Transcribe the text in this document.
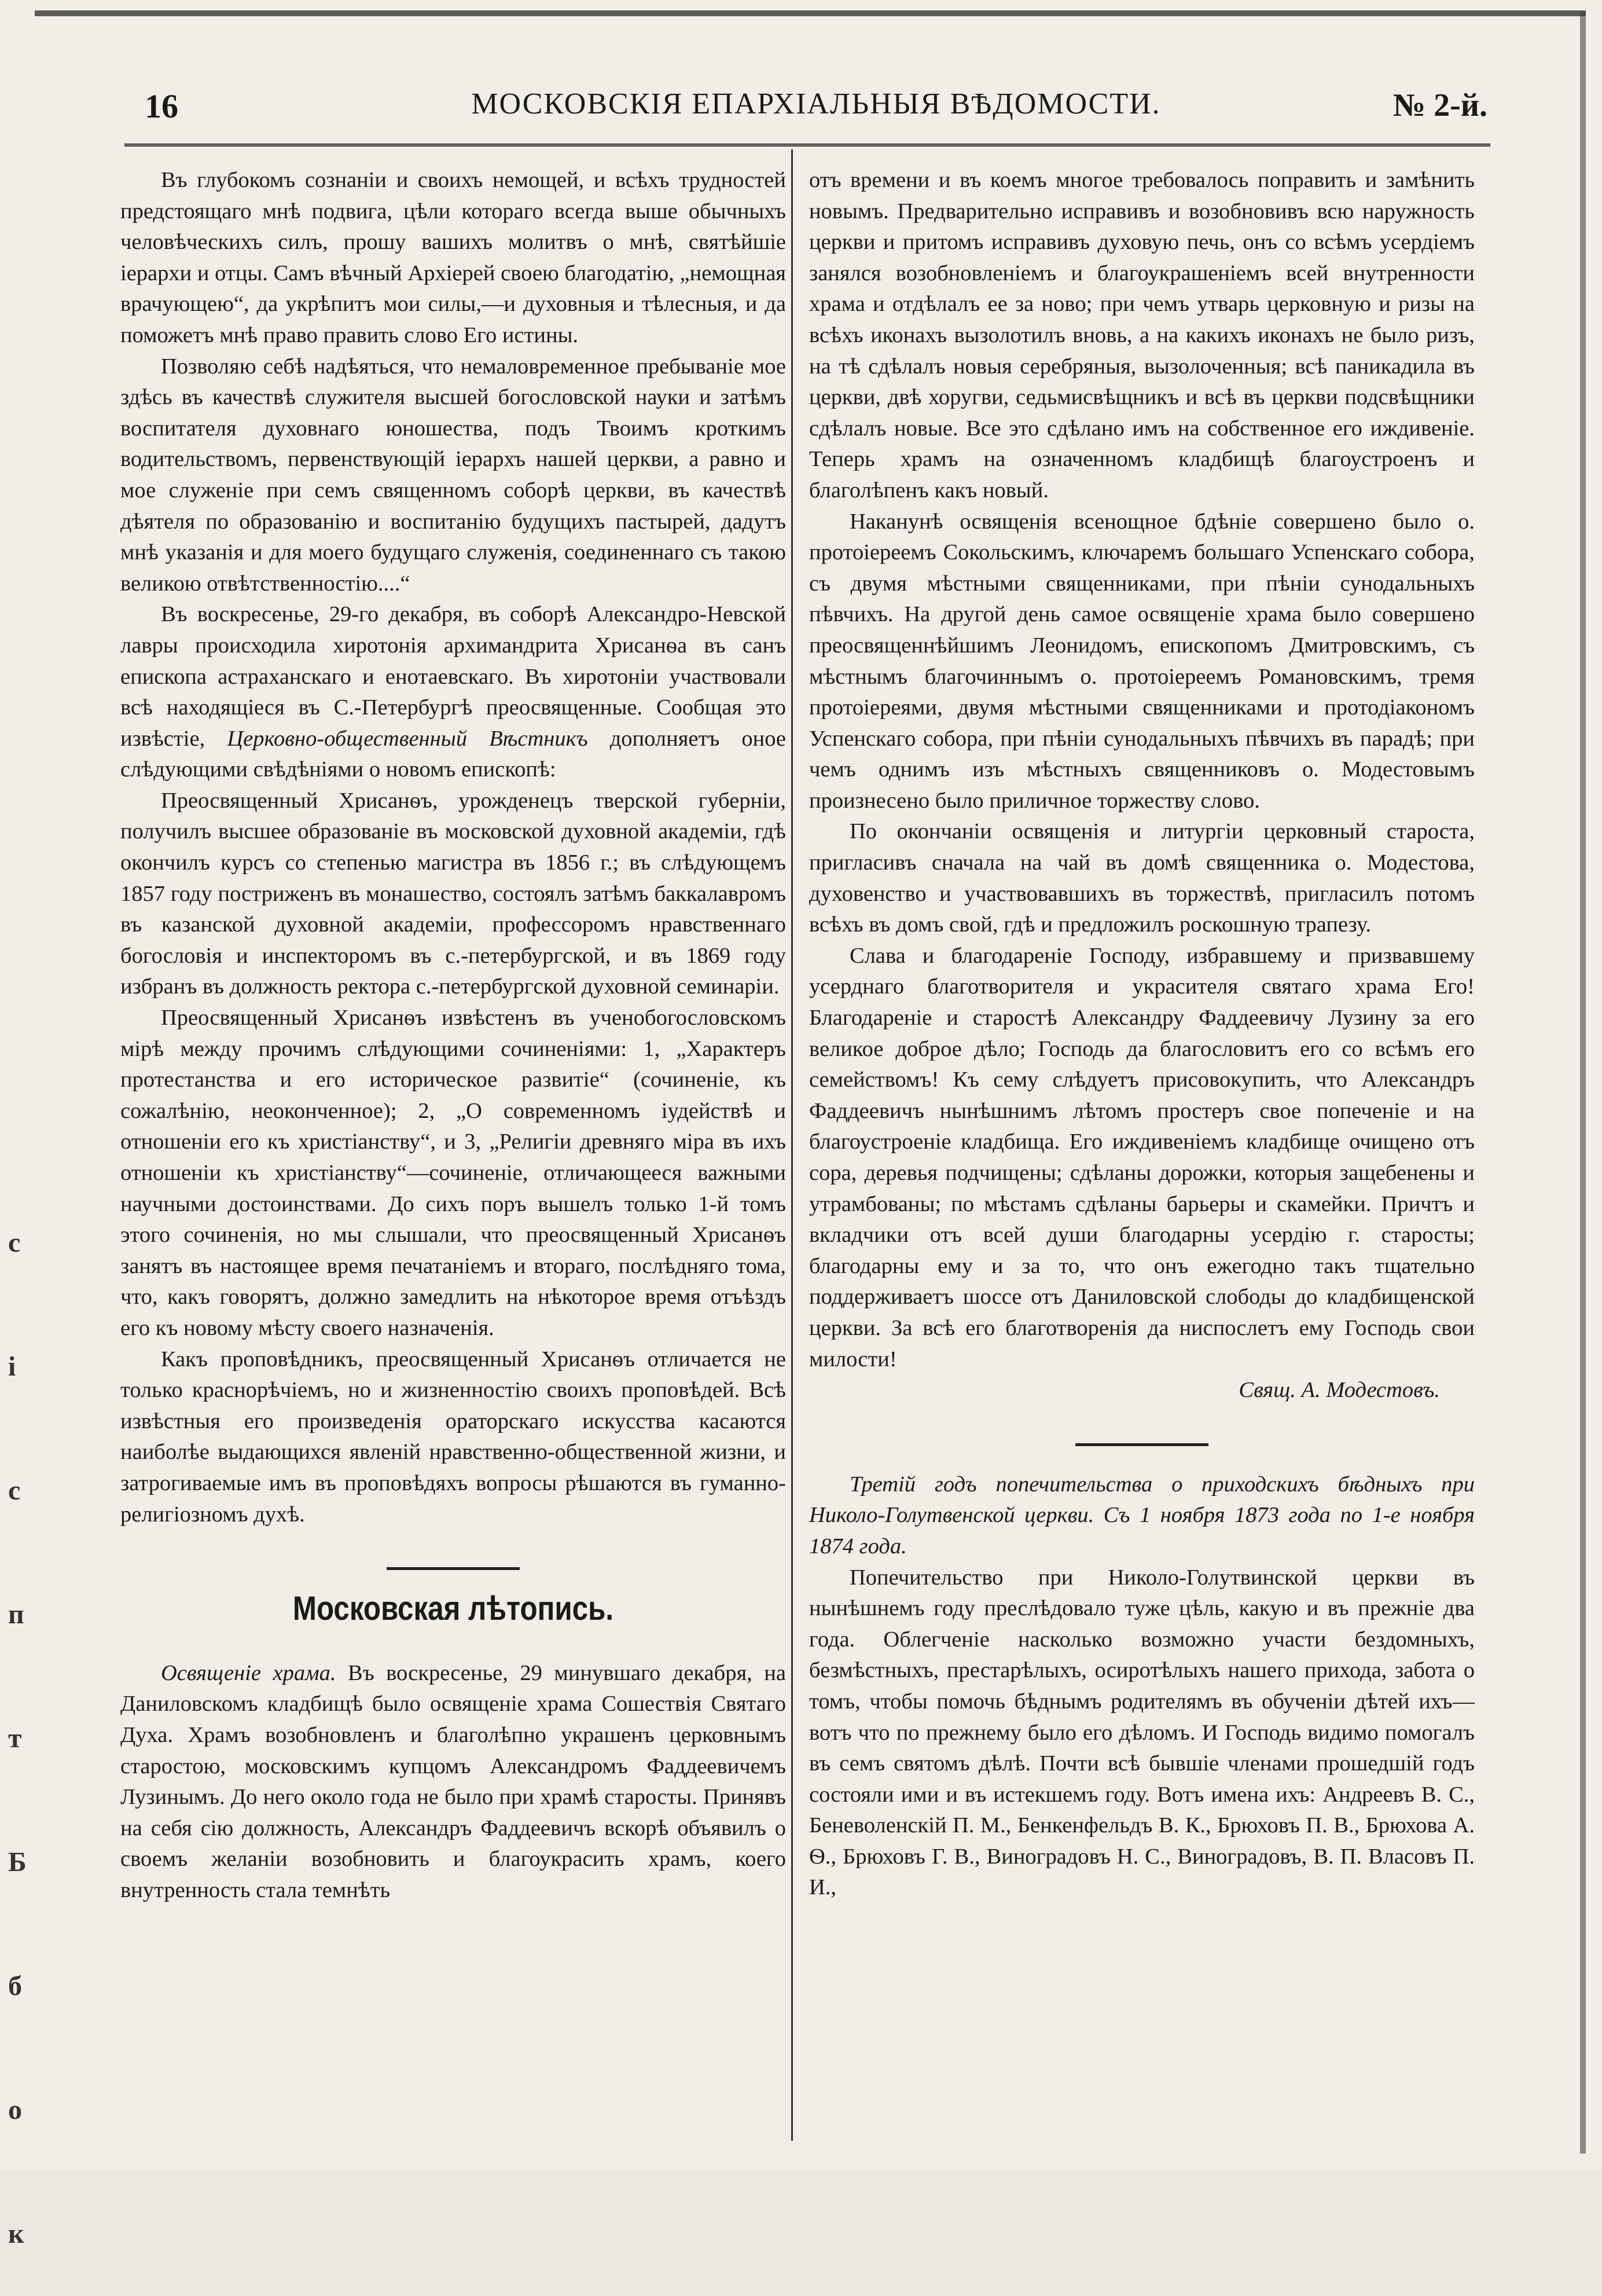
16	МОСКОВСКІЯ ЕПАРХІАЛЬНЫЯ ВѢДОМОСТИ.	№ 2-й.
с
і
с
п
т
Б
б
о
к

Въ глубокомъ сознаніи и своихъ немощей, и всѣхъ трудностей предстоящаго мнѣ подвига, цѣли котораго всегда выше обычныхъ человѣческихъ силъ, прошу вашихъ молитвъ о мнѣ, святѣйшіе іерархи и отцы. Самъ вѣчный Архіерей своею благодатію, „немощная врачующею“, да укрѣпитъ мои силы,—и духовныя и тѣлесныя, и да поможетъ мнѣ право править слово Его истины.

Позволяю себѣ надѣяться, что немаловременное пребываніе мое здѣсь въ качествѣ служителя высшей богословской науки и затѣмъ воспитателя духовнаго юношества, подъ Твоимъ кроткимъ водительствомъ, первенствующій іерархъ нашей церкви, а равно и мое служеніе при семъ священномъ соборѣ церкви, въ качествѣ дѣятеля по образованію и воспитанію будущихъ пастырей, дадутъ мнѣ указанія и для моего будущаго служенія, соединеннаго съ такою великою отвѣтственностію....“

Въ воскресенье, 29-го декабря, въ соборѣ Александро-Невской лавры происходила хиротонія архимандрита Хрисанѳа въ санъ епископа астраханскаго и енотаевскаго. Въ хиротоніи участвовали всѣ находящіеся въ С.-Петербургѣ преосвященные. Сообщая это извѣстіе, Церковно-общественный Вѣстникъ дополняетъ оное слѣдующими свѣдѣніями о новомъ епископѣ:

Преосвященный Хрисанѳъ, урожденецъ тверской губерніи, получилъ высшее образованіе въ московской духовной академіи, гдѣ окончилъ курсъ со степенью магистра въ 1856 г.; въ слѣдующемъ 1857 году постриженъ въ монашество, состоялъ затѣмъ баккалавромъ въ казанской духовной академіи, профессоромъ нравственнаго богословія и инспекторомъ въ с.-петербургской, и въ 1869 году избранъ въ должность ректора с.-петербургской духовной семинаріи.

Преосвященный Хрисанѳъ извѣстенъ въ ученобогословскомъ мірѣ между прочимъ слѣдующими сочиненіями: 1, „Характеръ протестанства и его историческое развитіе“ (сочиненіе, къ сожалѣнію, неоконченное); 2, „О современномъ іудействѣ и отношеніи его къ христіанству“, и 3, „Религіи древняго міра въ ихъ отношеніи къ христіанству“—сочиненіе, отличающееся важными научными достоинствами. До сихъ поръ вышелъ только 1-й томъ этого сочиненія, но мы слышали, что преосвященный Хрисанѳъ занятъ въ настоящее время печатаніемъ и втораго, послѣдняго тома, что, какъ говорятъ, должно замедлить на нѣкоторое время отъѣздъ его къ новому мѣсту своего назначенія.

Какъ проповѣдникъ, преосвященный Хрисанѳъ отличается не только краснорѣчіемъ, но и жизненностію своихъ проповѣдей. Всѣ извѣстныя его произведенія ораторскаго искусства касаются наиболѣе выдающихся явленій нравственно-общественной жизни, и затрогиваемые имъ въ проповѣдяхъ вопросы рѣшаются въ гуманно-религіозномъ духѣ.

Московская лѣтопись.

Освященіе храма. Въ воскресенье, 29 минувшаго декабря, на Даниловскомъ кладбищѣ было освященіе храма Сошествія Святаго Духа. Храмъ возобновленъ и благолѣпно украшенъ церковнымъ старостою, московскимъ купцомъ Александромъ Фаддеевичемъ Лузинымъ. До него около года не было при храмѣ старосты. Принявъ на себя сію должность, Александръ Фаддеевичъ вскорѣ объявилъ о своемъ желаніи возобновить и благоукрасить храмъ, коего внутренность стала темнѣть

отъ времени и въ коемъ многое требовалось поправить и замѣнить новымъ. Предварительно исправивъ и возобновивъ всю наружность церкви и притомъ исправивъ духовую печь, онъ со всѣмъ усердіемъ занялся возобновленіемъ и благоукрашеніемъ всей внутренности храма и отдѣлалъ ее за ново; при чемъ утварь церковную и ризы на всѣхъ иконахъ вызолотилъ вновь, а на какихъ иконахъ не было ризъ, на тѣ сдѣлалъ новыя серебряныя, вызолоченныя; всѣ паникадила въ церкви, двѣ хоругви, седьмисвѣщникъ и всѣ въ церкви подсвѣщники сдѣлалъ новые. Все это сдѣлано имъ на собственное его иждивеніе. Теперь храмъ на означенномъ кладбищѣ благоустроенъ и благолѣпенъ какъ новый.

Наканунѣ освященія всенощное бдѣніе совершено было о. протоіереемъ Сокольскимъ, ключаремъ большаго Успенскаго собора, съ двумя мѣстными священниками, при пѣніи сунодальныхъ пѣвчихъ. На другой день самое освященіе храма было совершено преосвященнѣйшимъ Леонидомъ, епископомъ Дмитровскимъ, съ мѣстнымъ благочиннымъ о. протоіереемъ Романовскимъ, тремя протоіереями, двумя мѣстными священниками и протодіакономъ Успенскаго собора, при пѣніи сунодальныхъ пѣвчихъ въ парадѣ; при чемъ однимъ изъ мѣстныхъ священниковъ о. Модестовымъ произнесено было приличное торжеству слово.

По окончаніи освященія и литургіи церковный староста, пригласивъ сначала на чай въ домѣ священника о. Модестова, духовенство и участвовавшихъ въ торжествѣ, пригласилъ потомъ всѣхъ въ домъ свой, гдѣ и предложилъ роскошную трапезу.

Слава и благодареніе Господу, избравшему и призвавшему усерднаго благотворителя и украсителя святаго храма Его! Благодареніе и старостѣ Александру Фаддеевичу Лузину за его великое доброе дѣло; Господь да благословитъ его со всѣмъ его семействомъ! Къ сему слѣдуетъ присовокупить, что Александръ Фаддеевичъ нынѣшнимъ лѣтомъ простеръ свое попеченіе и на благоустроеніе кладбища. Его иждивеніемъ кладбище очищено отъ сора, деревья подчищены; сдѣланы дорожки, которыя защебенены и утрамбованы; по мѣстамъ сдѣланы барьеры и скамейки. Причтъ и вкладчики отъ всей души благодарны усердію г. старосты; благодарны ему и за то, что онъ ежегодно такъ тщательно поддерживаетъ шоссе отъ Даниловской слободы до кладбищенской церкви. За всѣ его благотворенія да ниспослетъ ему Господь свои милости!

Свящ. А. Модестовъ.

Третій годъ попечительства о приходскихъ бѣдныхъ при Николо-Голутвенской церкви. Съ 1 ноября 1873 года по 1-е ноября 1874 года.

Попечительство при Николо-Голутвинской церкви въ нынѣшнемъ году преслѣдовало туже цѣль, какую и въ прежніе два года. Облегченіе насколько возможно участи бездомныхъ, безмѣстныхъ, престарѣлыхъ, осиротѣлыхъ нашего прихода, забота о томъ, чтобы помочь бѣднымъ родителямъ въ обученіи дѣтей ихъ—вотъ что по прежнему было его дѣломъ. И Господь видимо помогалъ въ семъ святомъ дѣлѣ. Почти всѣ бывшіе членами прошедшій годъ состояли ими и въ истекшемъ году. Вотъ имена ихъ: Андреевъ В. С., Беневоленскій П. М., Бенкенфельдъ В. К., Брюховъ П. В., Брюхова А. Ѳ., Брюховъ Г. В., Виноградовъ Н. С., Виноградовъ, В. П. Власовъ П. И.,
